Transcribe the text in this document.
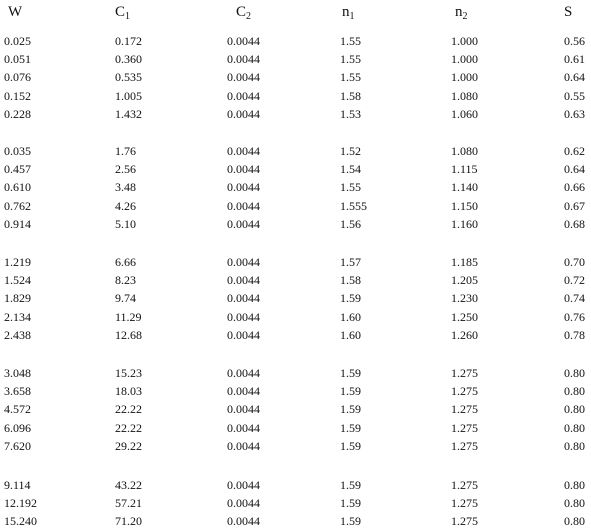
W	$C_1$	$C_2$	$n_1$	$n_2$	S
0.025	0.172	0.0044	1.55	1.000	0.56
0.051	0.360	0.0044	1.55	1.000	0.61
0.076	0.535	0.0044	1.55	1.000	0.64
0.152	1.005	0.0044	1.58	1.080	0.55
0.228	1.432	0.0044	1.53	1.060	0.63
0.035	1.76	0.0044	1.52	1.080	0.62
0.457	2.56	0.0044	1.54	1.115	0.64
0.610	3.48	0.0044	1.55	1.140	0.66
0.762	4.26	0.0044	1.555	1.150	0.67
0.914	5.10	0.0044	1.56	1.160	0.68
1.219	6.66	0.0044	1.57	1.185	0.70
1.524	8.23	0.0044	1.58	1.205	0.72
1.829	9.74	0.0044	1.59	1.230	0.74
2.134	11.29	0.0044	1.60	1.250	0.76
2.438	12.68	0.0044	1.60	1.260	0.78
3.048	15.23	0.0044	1.59	1.275	0.80
3.658	18.03	0.0044	1.59	1.275	0.80
4.572	22.22	0.0044	1.59	1.275	0.80
6.096	22.22	0.0044	1.59	1.275	0.80
7.620	29.22	0.0044	1.59	1.275	0.80
9.114	43.22	0.0044	1.59	1.275	0.80
12.192	57.21	0.0044	1.59	1.275	0.80
15.240	71.20	0.0044	1.59	1.275	0.80
